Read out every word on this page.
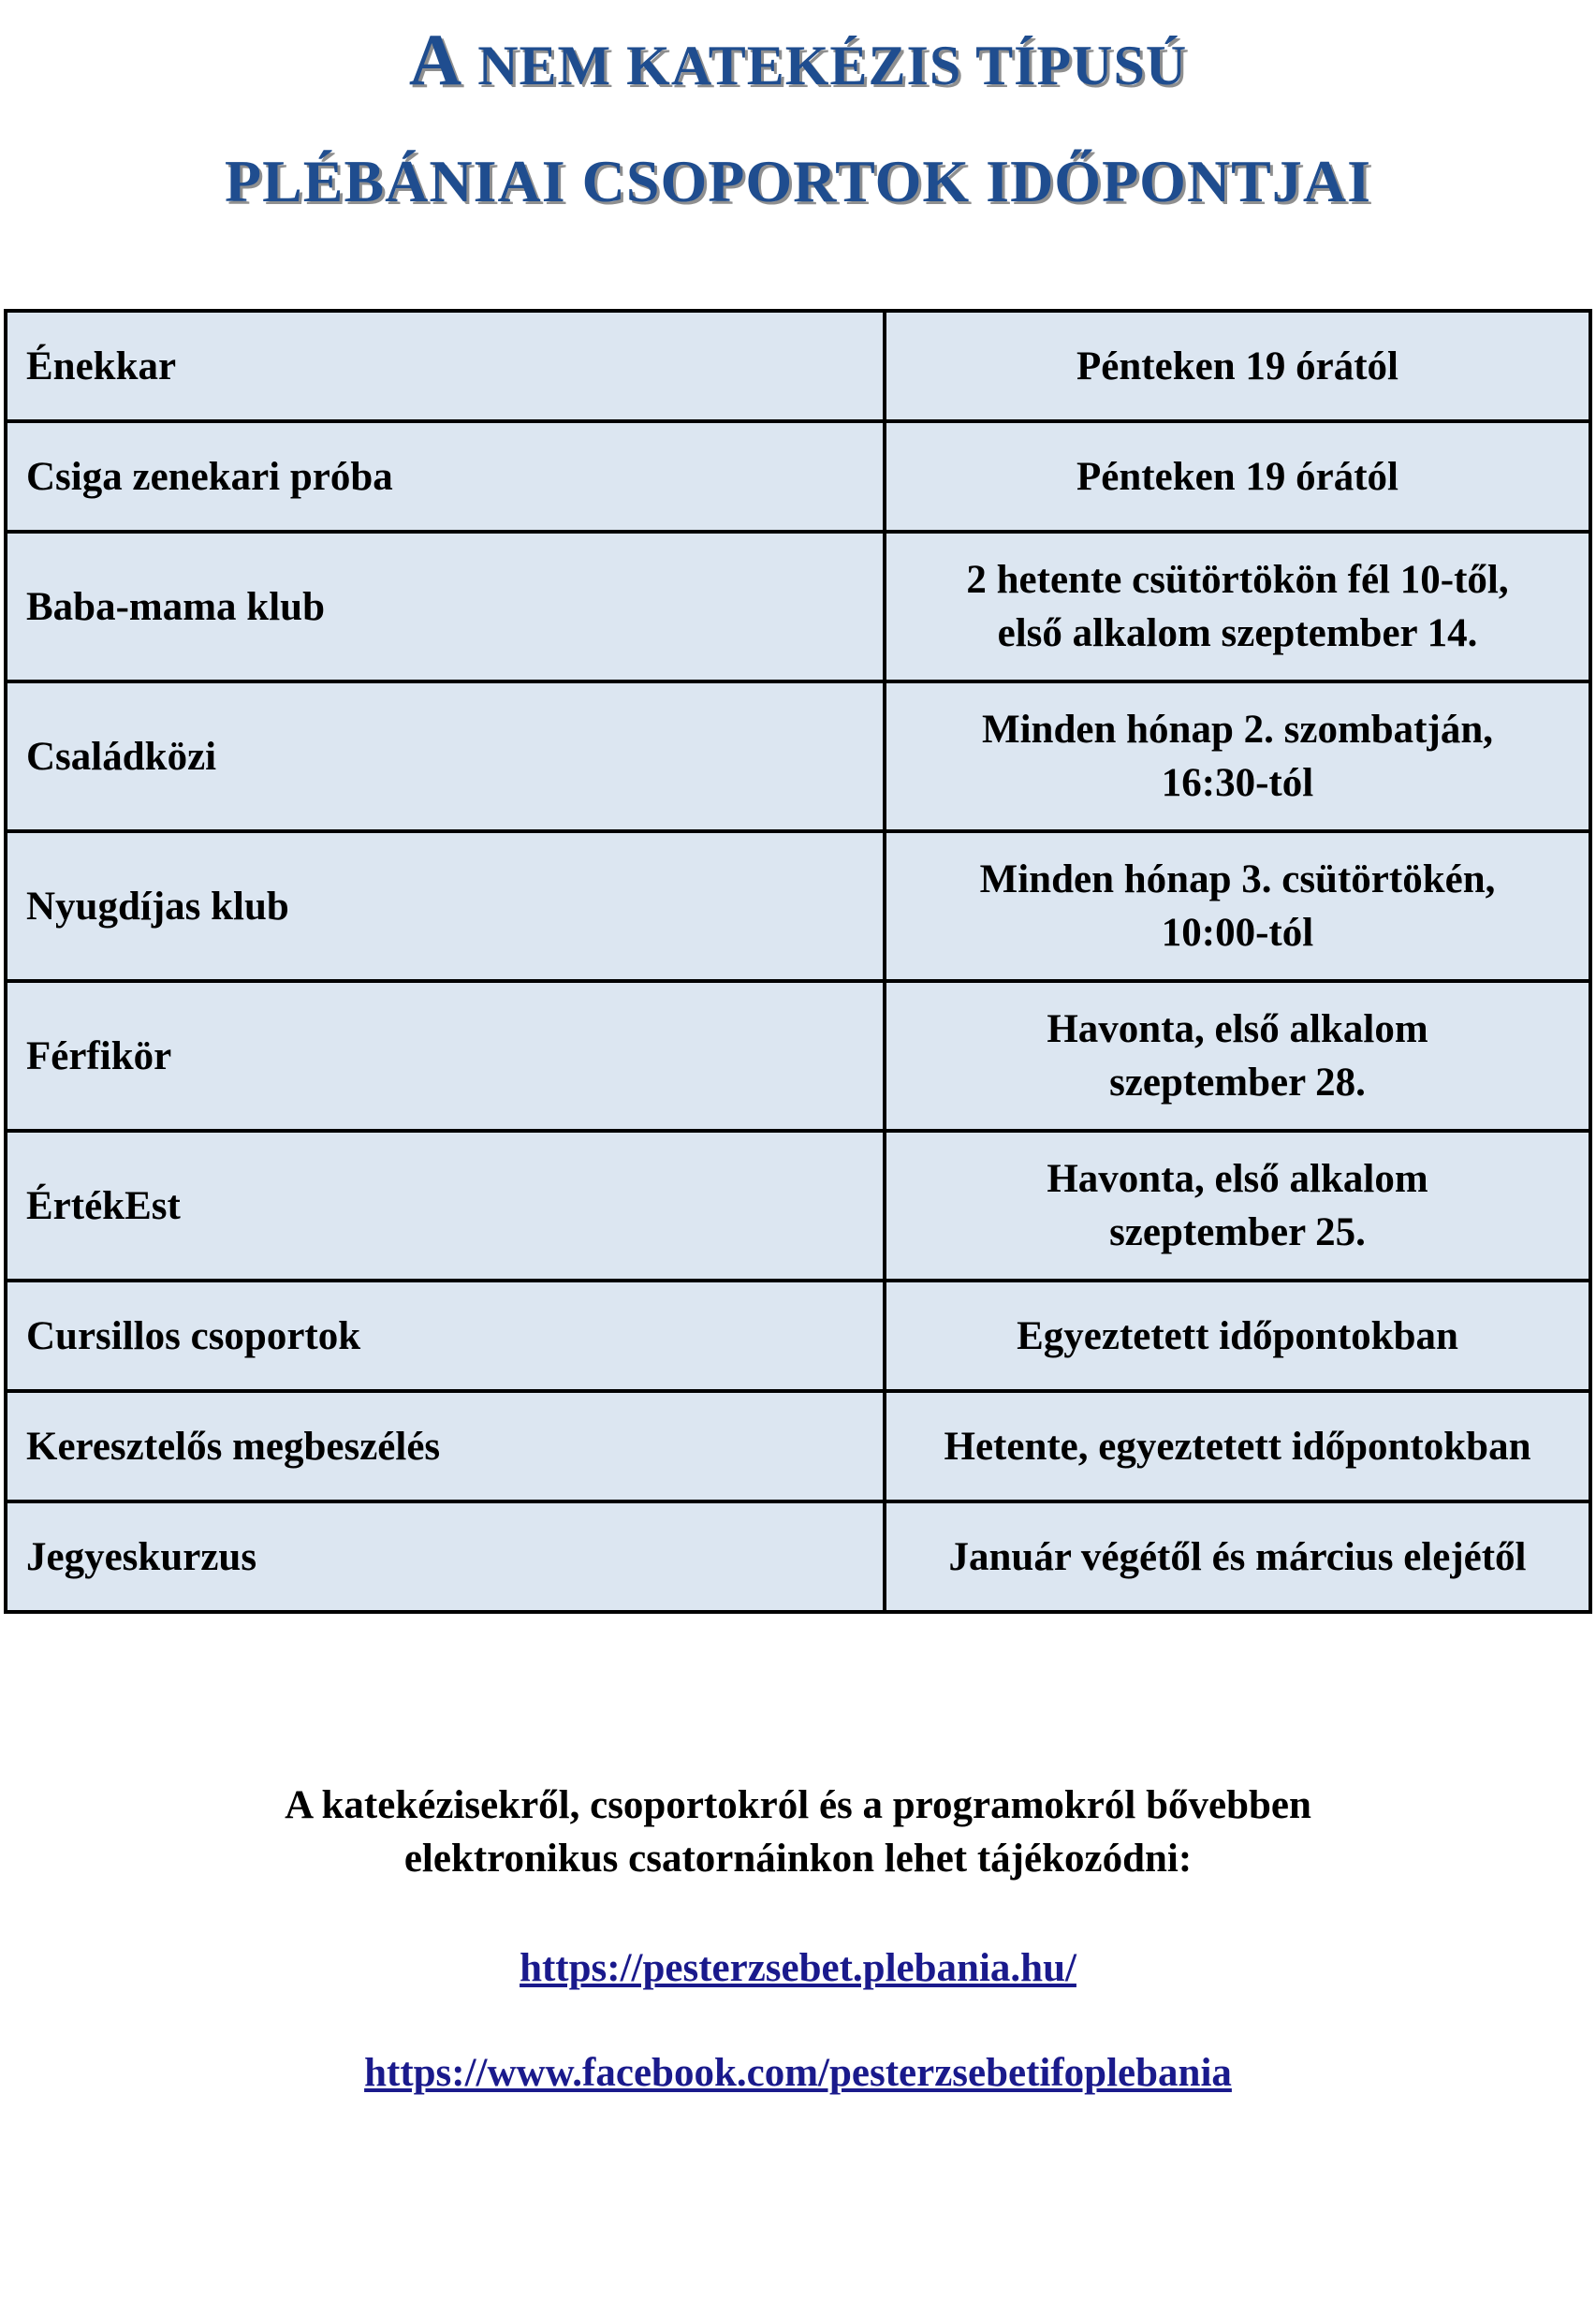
A NEM KATEKÉZIS TÍPUSÚ
PLÉBÁNIAI CSOPORTOK IDŐPONTJAI
Énekkar	Pénteken 19 órától
Csiga zenekari próba	Pénteken 19 órától
Baba-mama klub	2 hetente csütörtökön fél 10-től,
első alkalom szeptember 14.
Családközi	Minden hónap 2. szombatján,
16:30-tól
Nyugdíjas klub	Minden hónap 3. csütörtökén,
10:00-tól
Férfikör	Havonta, első alkalom
szeptember 28.
ÉrtékEst	Havonta, első alkalom
szeptember 25.
Cursillos csoportok	Egyeztetett időpontokban
Keresztelős megbeszélés	Hetente, egyeztetett időpontokban
Jegyeskurzus	Január végétől és március elejétől
A katekézisekről, csoportokról és a programokról bővebben
elektronikus csatornáinkon lehet tájékozódni:
https://pesterzsebet.plebania.hu/
https://www.facebook.com/pesterzsebetifoplebania
